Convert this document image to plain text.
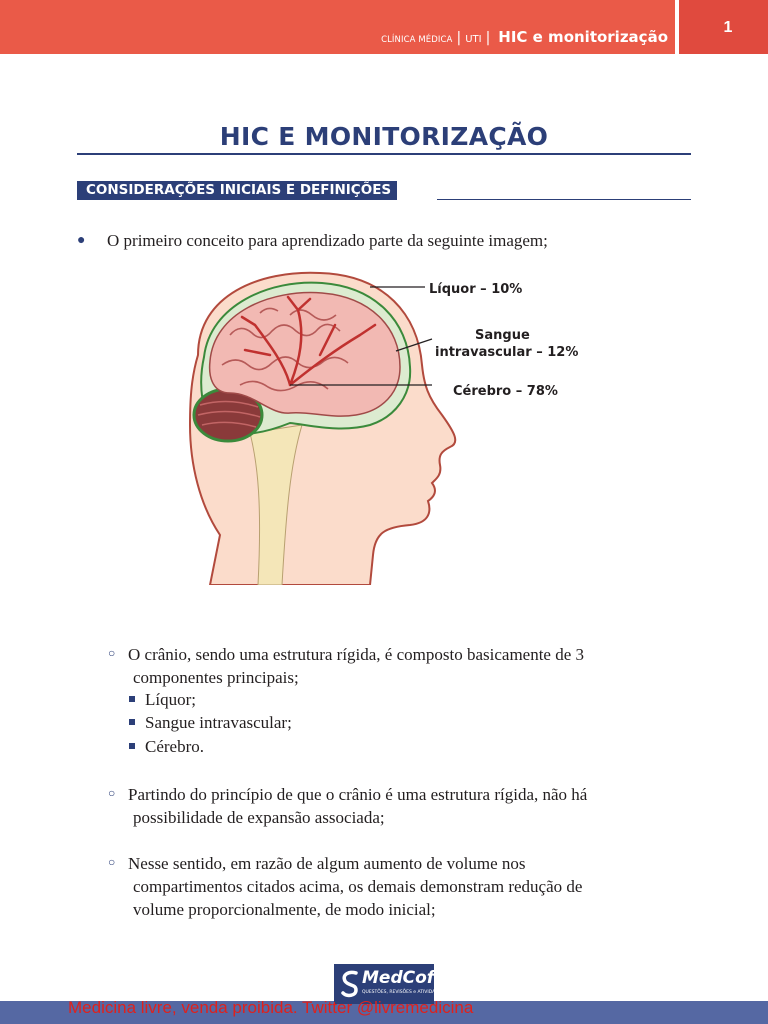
1
CLÍNICA MÉDICA | UTI | HIC e monitorização
HIC E MONITORIZAÇÃO
CONSIDERAÇÕES INICIAIS E DEFINIÇÕES
● O primeiro conceito para aprendizado parte da seguinte imagem;
Líquor – 10%
Sangue
intravascular – 12%
Cérebro – 78%
○ O crânio, sendo uma estrutura rígida, é composto basicamente de 3
componentes principais;
Líquor;
Sangue intravascular;
Cérebro.
○ Partindo do princípio de que o crânio é uma estrutura rígida, não há
possibilidade de expansão associada;
○ Nesse sentido, em razão de algum aumento de volume nos
compartimentos citados acima, os demais demonstram redução de
volume proporcionalmente, de modo inicial;
MedCof
QUESTÕES, REVISÕES e ATIVIDADES
Medicina livre, venda proibida. Twitter @livremedicina
